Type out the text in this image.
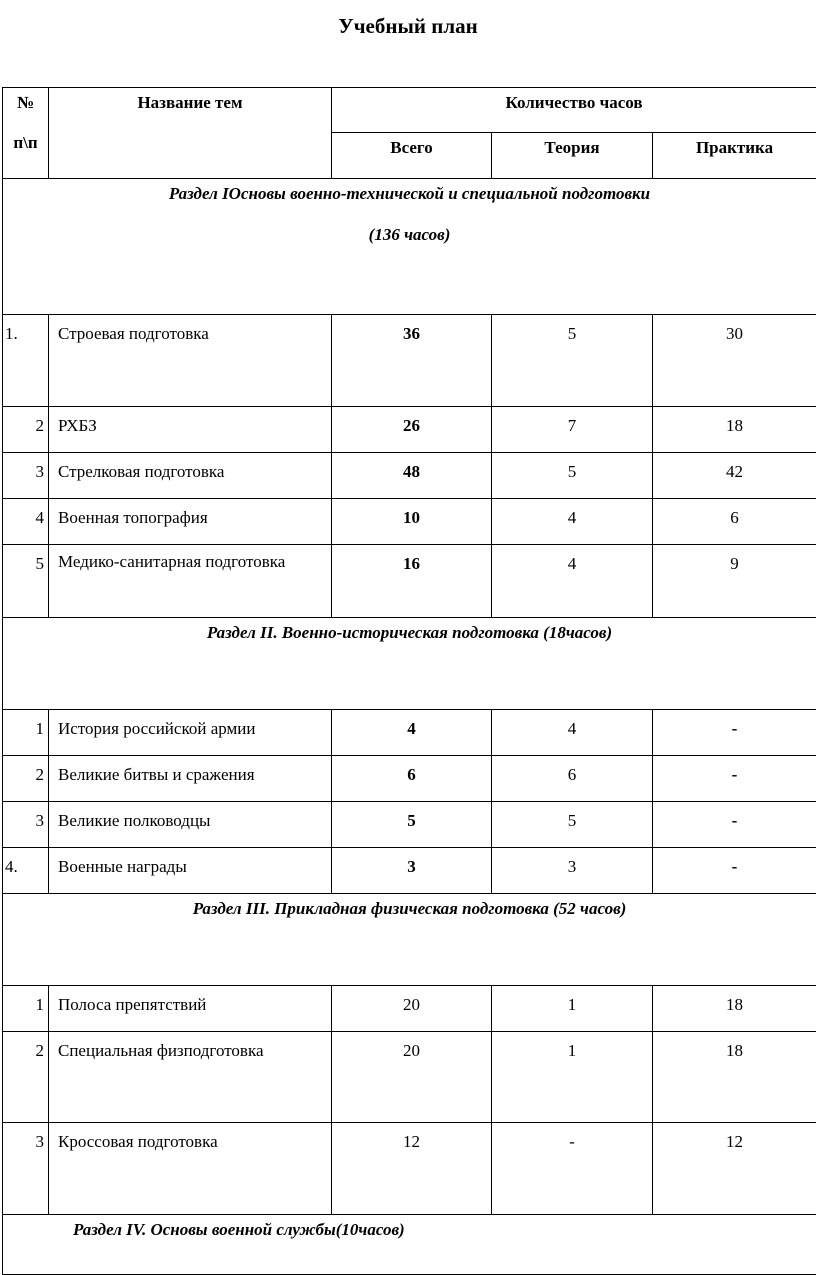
Учебный план
№
п\п	Название тем	Количество часов		
		Всего	Теория	Практика

Раздел IОсновы военно-технической и специальной подготовки
(136 часов)				

1.	Строевая подготовка	36	5	30
2	РХБЗ	26	7	18
3	Стрелковая подготовка	48	5	42
4	Военная топография	10	4	6
5	Медико-санитарная подготовка	16	4	9

Раздел II. Военно-историческая подготовка (18часов)				

1	История российской армии	4	4	-
2	Великие битвы и сражения	6	6	-
3	Великие полководцы	5	5	-
4.	Военные награды	3	3	-

Раздел III. Прикладная физическая подготовка (52 часов)				

1	Полоса препятствий	20	1	18
2	Специальная физподготовка	20	1	18
3	Кроссовая подготовка	12	-	12

Раздел IV. Основы военной службы(10часов)				
